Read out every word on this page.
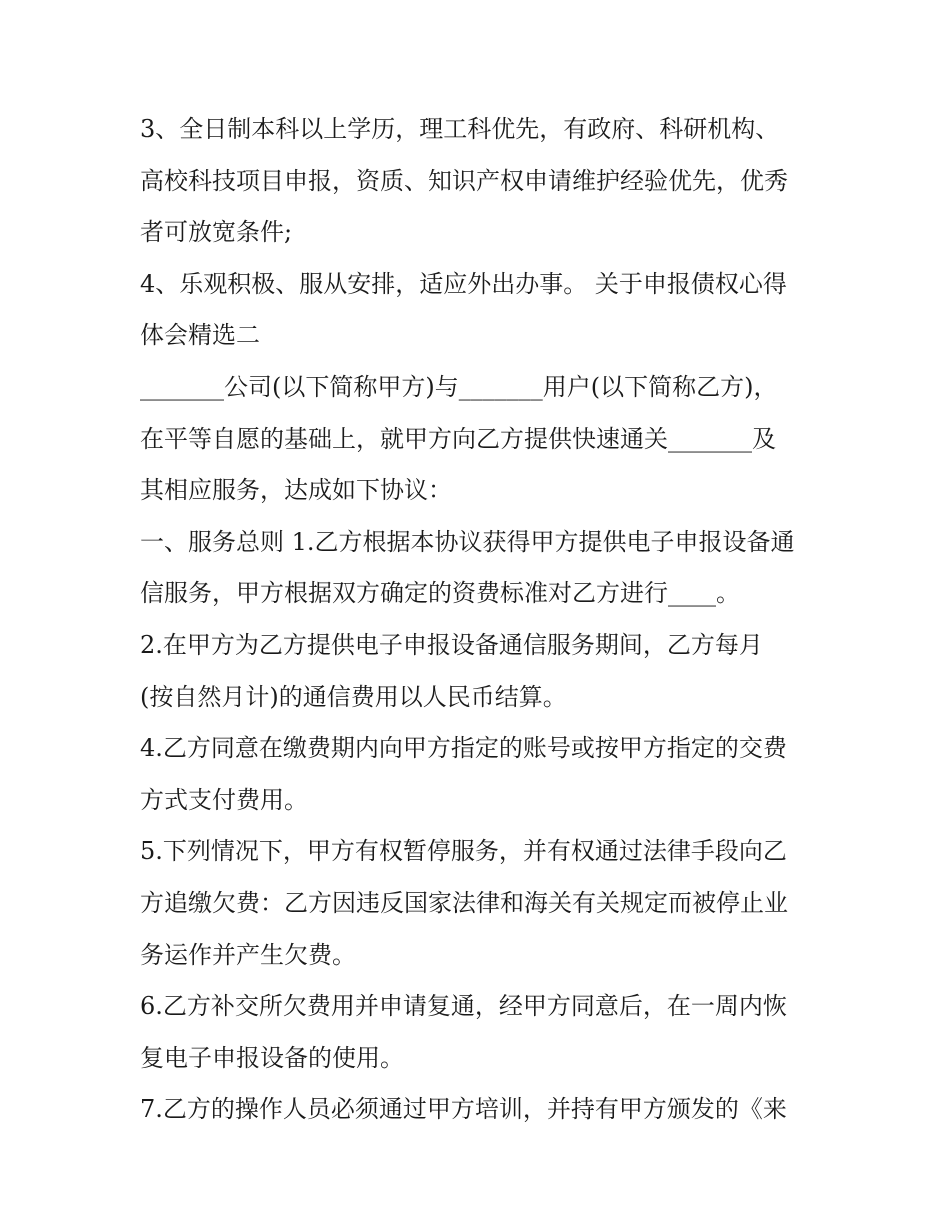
3、全日制本科以上学历，理工科优先，有政府、科研机构、

高校科技项目申报，资质、知识产权申请维护经验优先，优秀

者可放宽条件;

4、乐观积极、服从安排，适应外出办事。 关于申报债权心得

体会精选二

_______公司(以下简称甲方)与_______用户(以下简称乙方)，

在平等自愿的基础上，就甲方向乙方提供快速通关_______及

其相应服务，达成如下协议：

一、服务总则 1.乙方根据本协议获得甲方提供电子申报设备通

信服务，甲方根据双方确定的资费标准对乙方进行____。

2.在甲方为乙方提供电子申报设备通信服务期间，乙方每月

(按自然月计)的通信费用以人民币结算。

4.乙方同意在缴费期内向甲方指定的账号或按甲方指定的交费

方式支付费用。

5.下列情况下，甲方有权暂停服务，并有权通过法律手段向乙

方追缴欠费：乙方因违反国家法律和海关有关规定而被停止业

务运作并产生欠费。

6.乙方补交所欠费用并申请复通，经甲方同意后，在一周内恢

复电子申报设备的使用。

7.乙方的操作人员必须通过甲方培训，并持有甲方颁发的《来
